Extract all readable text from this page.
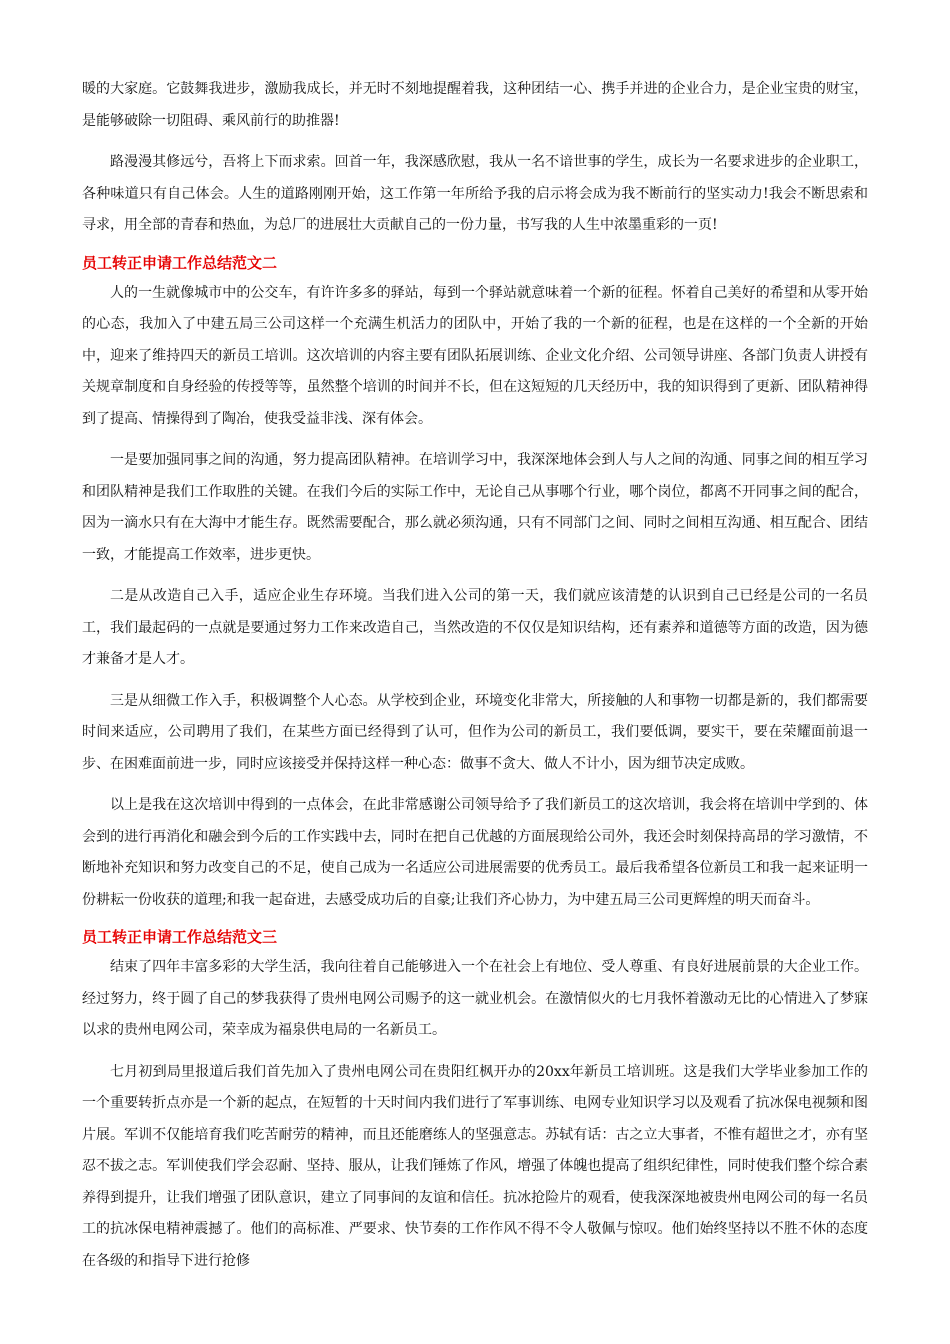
暖的大家庭。它鼓舞我进步，激励我成长，并无时不刻地提醒着我，这种团结一心、携手并进的企业合力，是企业宝贵的财宝，是能够破除一切阻碍、乘风前行的助推器!

路漫漫其修远兮，吾将上下而求索。回首一年，我深感欣慰，我从一名不谙世事的学生，成长为一名要求进步的企业职工，各种味道只有自己体会。人生的道路刚刚开始，这工作第一年所给予我的启示将会成为我不断前行的坚实动力!我会不断思索和寻求，用全部的青春和热血，为总厂的进展壮大贡献自己的一份力量，书写我的人生中浓墨重彩的一页!

员工转正申请工作总结范文二

人的一生就像城市中的公交车，有许许多多的驿站，每到一个驿站就意味着一个新的征程。怀着自己美好的希望和从零开始的心态，我加入了中建五局三公司这样一个充满生机活力的团队中，开始了我的一个新的征程，也是在这样的一个全新的开始中，迎来了维持四天的新员工培训。这次培训的内容主要有团队拓展训练、企业文化介绍、公司领导讲座、各部门负责人讲授有关规章制度和自身经验的传授等等，虽然整个培训的时间并不长，但在这短短的几天经历中，我的知识得到了更新、团队精神得到了提高、情操得到了陶冶，使我受益非浅、深有体会。

一是要加强同事之间的沟通，努力提高团队精神。在培训学习中，我深深地体会到人与人之间的沟通、同事之间的相互学习和团队精神是我们工作取胜的关键。在我们今后的实际工作中，无论自己从事哪个行业，哪个岗位，都离不开同事之间的配合，因为一滴水只有在大海中才能生存。既然需要配合，那么就必须沟通，只有不同部门之间、同时之间相互沟通、相互配合、团结一致，才能提高工作效率，进步更快。

二是从改造自己入手，适应企业生存环境。当我们进入公司的第一天，我们就应该清楚的认识到自己已经是公司的一名员工，我们最起码的一点就是要通过努力工作来改造自己，当然改造的不仅仅是知识结构，还有素养和道德等方面的改造，因为德才兼备才是人才。

三是从细微工作入手，积极调整个人心态。从学校到企业，环境变化非常大，所接触的人和事物一切都是新的，我们都需要时间来适应，公司聘用了我们，在某些方面已经得到了认可，但作为公司的新员工，我们要低调，要实干，要在荣耀面前退一步、在困难面前进一步，同时应该接受并保持这样一种心态：做事不贪大、做人不计小，因为细节决定成败。

以上是我在这次培训中得到的一点体会，在此非常感谢公司领导给予了我们新员工的这次培训，我会将在培训中学到的、体会到的进行再消化和融会到今后的工作实践中去，同时在把自己优越的方面展现给公司外，我还会时刻保持高昂的学习激情，不断地补充知识和努力改变自己的不足，使自己成为一名适应公司进展需要的优秀员工。最后我希望各位新员工和我一起来证明一份耕耘一份收获的道理;和我一起奋进，去感受成功后的自豪;让我们齐心协力，为中建五局三公司更辉煌的明天而奋斗。

员工转正申请工作总结范文三

结束了四年丰富多彩的大学生活，我向往着自己能够进入一个在社会上有地位、受人尊重、有良好进展前景的大企业工作。经过努力，终于圆了自己的梦我获得了贵州电网公司赐予的这一就业机会。在激情似火的七月我怀着激动无比的心情进入了梦寐以求的贵州电网公司，荣幸成为福泉供电局的一名新员工。

七月初到局里报道后我们首先加入了贵州电网公司在贵阳红枫开办的20xx年新员工培训班。这是我们大学毕业参加工作的一个重要转折点亦是一个新的起点，在短暂的十天时间内我们进行了军事训练、电网专业知识学习以及观看了抗冰保电视频和图片展。军训不仅能培育我们吃苦耐劳的精神，而且还能磨练人的坚强意志。苏轼有话：古之立大事者，不惟有超世之才，亦有坚忍不拔之志。军训使我们学会忍耐、坚持、服从，让我们锤炼了作风，增强了体魄也提高了组织纪律性，同时使我们整个综合素养得到提升，让我们增强了团队意识，建立了同事间的友谊和信任。抗冰抢险片的观看，使我深深地被贵州电网公司的每一名员工的抗冰保电精神震撼了。他们的高标准、严要求、快节奏的工作作风不得不令人敬佩与惊叹。他们始终坚持以不胜不休的态度在各级的和指导下进行抢修
